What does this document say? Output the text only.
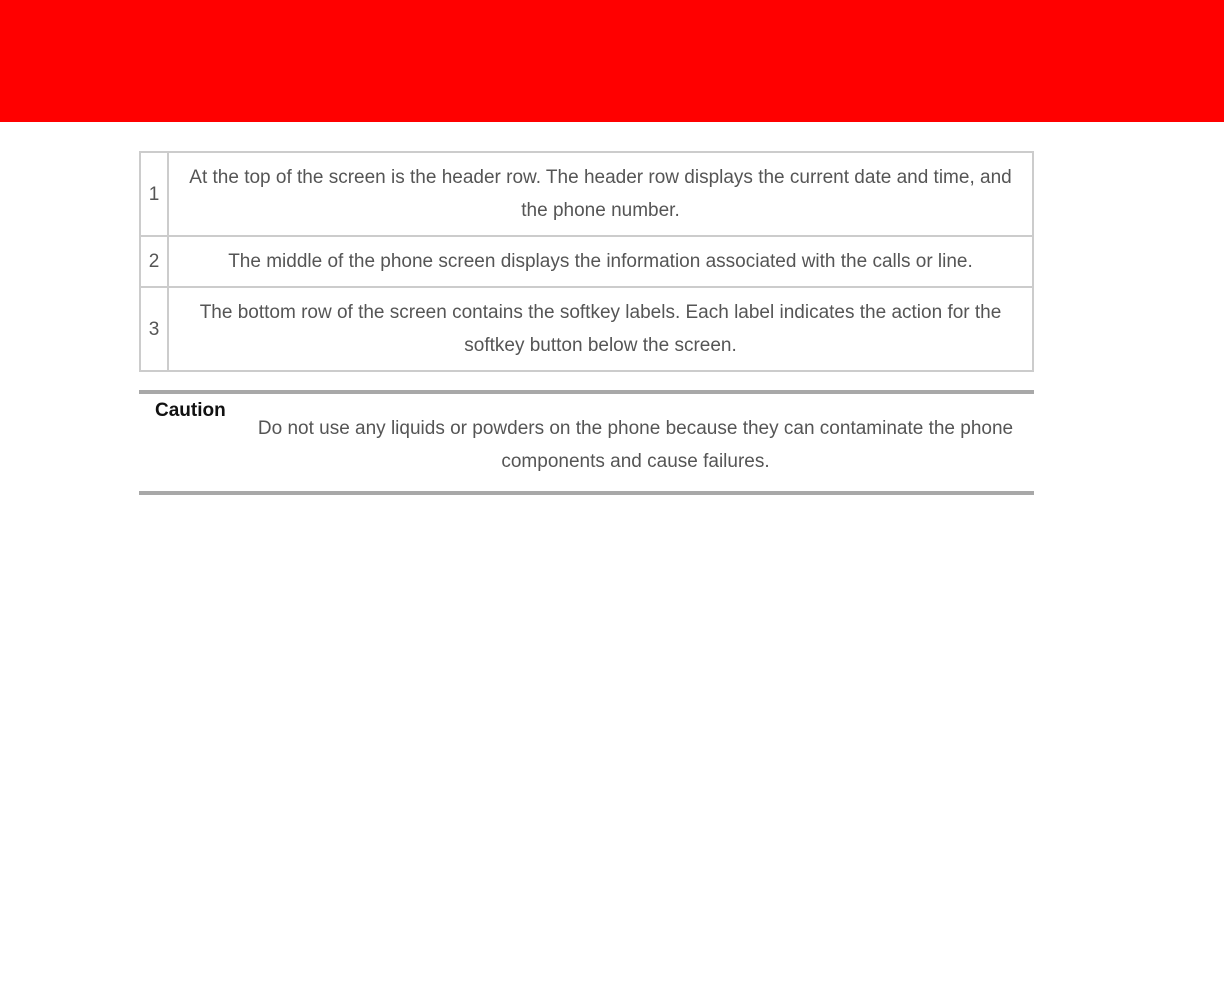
1	At the top of the screen is the header row. The header row displays the current date and time, and the phone number.
2	The middle of the phone screen displays the information associated with the calls or line.
3	The bottom row of the screen contains the softkey labels. Each label indicates the action for the softkey button below the screen.
Caution
Do not use any liquids or powders on the phone because they can contaminate the phone components and cause failures.
